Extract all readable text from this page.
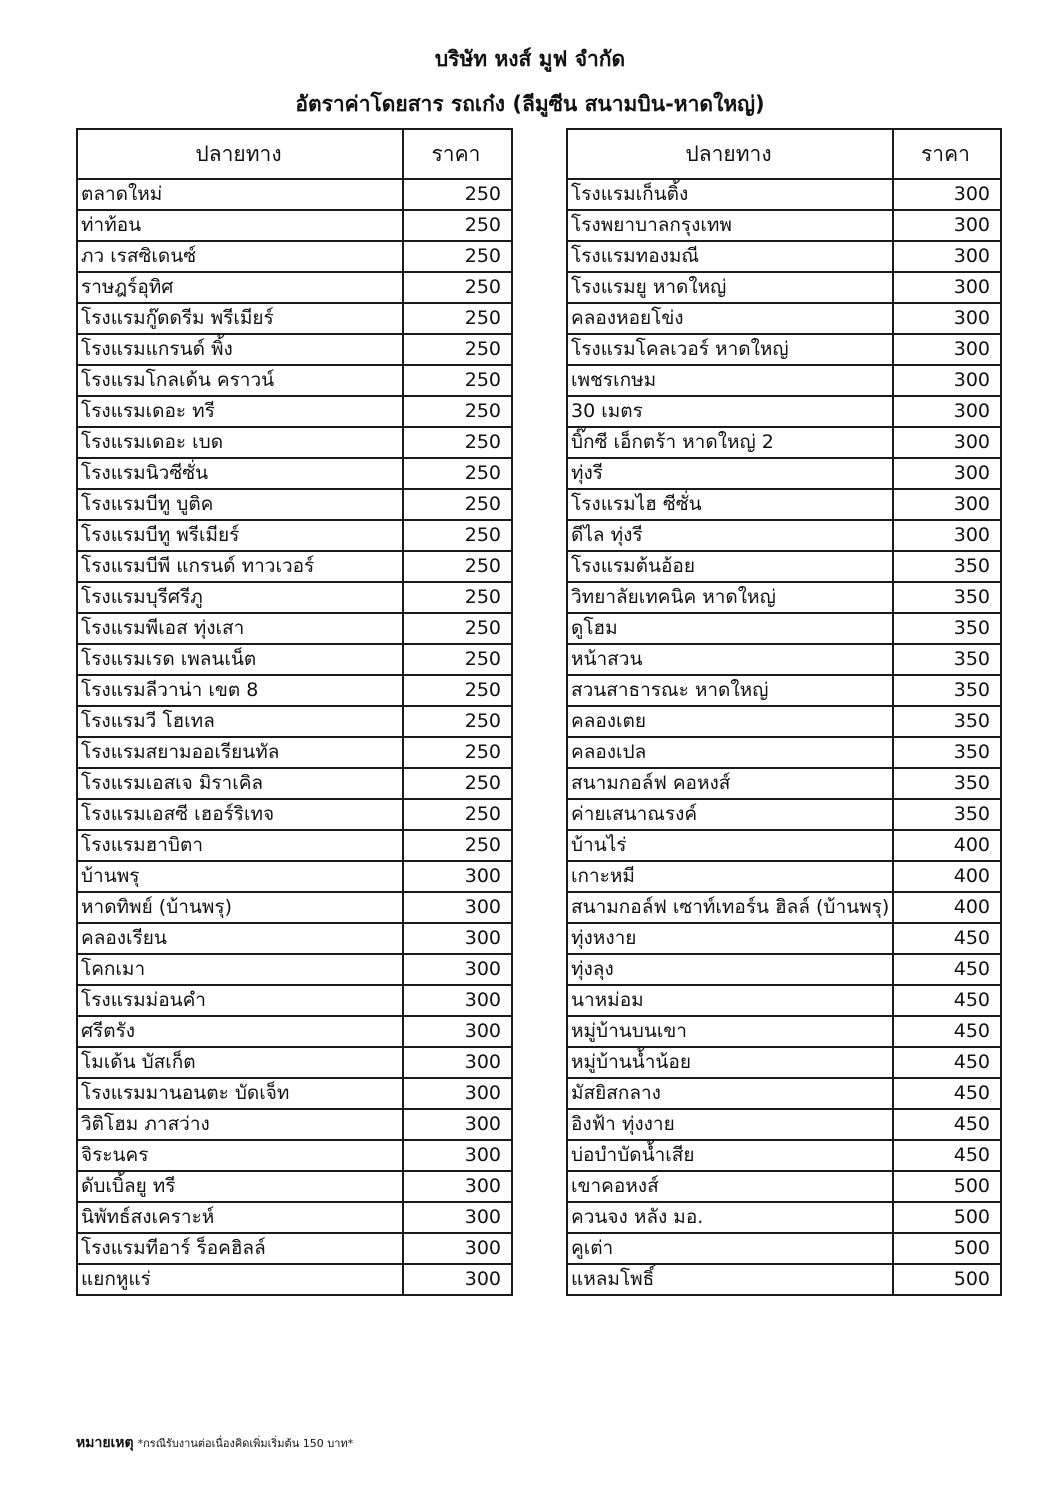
บริษัท หงส์ มูฟ จำกัด
อัตราค่าโดยสาร รถเก๋ง (ลีมูซีน สนามบิน-หาดใหญ่)
ปลายทาง	ราคา
ตลาดใหม่	250
ท่าท้อน	250
ภว เรสซิเดนซ์	250
ราษฎร์อุทิศ	250
โรงแรมกู๊ดดรีม พรีเมียร์	250
โรงแรมแกรนด์ พิ้ง	250
โรงแรมโกลเด้น คราวน์	250
โรงแรมเดอะ ทรี	250
โรงแรมเดอะ เบด	250
โรงแรมนิวซีซั่น	250
โรงแรมบีทู บูติค	250
โรงแรมบีทู พรีเมียร์	250
โรงแรมบีพี แกรนด์ ทาวเวอร์	250
โรงแรมบุรีศรีภู	250
โรงแรมพีเอส ทุ่งเสา	250
โรงแรมเรด เพลนเน็ต	250
โรงแรมลีวาน่า เขต 8	250
โรงแรมวี โฮเทล	250
โรงแรมสยามออเรียนทัล	250
โรงแรมเอสเจ มิราเคิล	250
โรงแรมเอสซี เฮอร์ริเทจ	250
โรงแรมฮาบิตา	250
บ้านพรุ	300
หาดทิพย์ (บ้านพรุ)	300
คลองเรียน	300
โคกเมา	300
โรงแรมม่อนคำ	300
ศรีตรัง	300
โมเด้น บัสเก็ต	300
โรงแรมมานอนตะ บัดเจ็ท	300
วิติโฮม ภาสว่าง	300
จิระนคร	300
ดับเบิ้ลยู ทรี	300
นิพัทธ์สงเคราะห์	300
โรงแรมทีอาร์ ร็อคฮิลล์	300
แยกหูแร่	300
ปลายทาง	ราคา
โรงแรมเก็นติ้ง	300
โรงพยาบาลกรุงเทพ	300
โรงแรมทองมณี	300
โรงแรมยู หาดใหญ่	300
คลองหอยโข่ง	300
โรงแรมโคลเวอร์ หาดใหญ่	300
เพชรเกษม	300
30 เมตร	300
บิ๊กซี เอ็กตร้า หาดใหญ่ 2	300
ทุ่งรี	300
โรงแรมไฮ ซีซั่น	300
ดีไล ทุ่งรี	300
โรงแรมต้นอ้อย	350
วิทยาลัยเทคนิค หาดใหญ่	350
ดูโฮม	350
หน้าสวน	350
สวนสาธารณะ หาดใหญ่	350
คลองเตย	350
คลองเปล	350
สนามกอล์ฟ คอหงส์	350
ค่ายเสนาณรงค์	350
บ้านไร่	400
เกาะหมี	400
สนามกอล์ฟ เซาท์เทอร์น ฮิลล์ (บ้านพรุ)	400
ทุ่งหงาย	450
ทุ่งลุง	450
นาหม่อม	450
หมู่บ้านบนเขา	450
หมู่บ้านน้ำน้อย	450
มัสยิสกลาง	450
อิงฟ้า ทุ่งงาย	450
บ่อบำบัดน้ำเสีย	450
เขาคอหงส์	500
ควนจง หลัง มอ.	500
คูเต่า	500
แหลมโพธิ์	500
หมายเหตุ *กรณีรับงานต่อเนื่องคิดเพิ่มเริ่มต้น 150 บาท*
